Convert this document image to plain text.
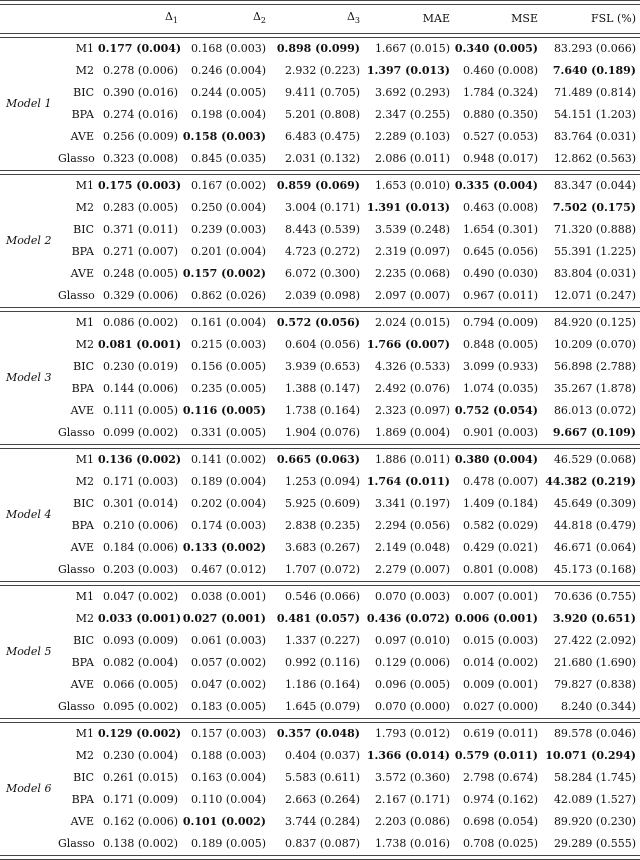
		$\Delta_1$	$\Delta_2$	$\Delta_3$	MAE	MSE	FSL (%)

Model 1	M1	0.177 (0.004)	0.168 (0.003)	0.898 (0.099)	1.667 (0.015)	0.340 (0.005)	83.293 (0.066)
	M2	0.278 (0.006)	0.246 (0.004)	2.932 (0.223)	1.397 (0.013)	0.460 (0.008)	7.640 (0.189)
	BIC	0.390 (0.016)	0.244 (0.005)	9.411 (0.705)	3.692 (0.293)	1.784 (0.324)	71.489 (0.814)
	BPA	0.274 (0.016)	0.198 (0.004)	5.201 (0.808)	2.347 (0.255)	0.880 (0.350)	54.151 (1.203)
	AVE	0.256 (0.009)	0.158 (0.003)	6.483 (0.475)	2.289 (0.103)	0.527 (0.053)	83.764 (0.031)
	Glasso	0.323 (0.008)	0.845 (0.035)	2.031 (0.132)	2.086 (0.011)	0.948 (0.017)	12.862 (0.563)

Model 2	M1	0.175 (0.003)	0.167 (0.002)	0.859 (0.069)	1.653 (0.010)	0.335 (0.004)	83.347 (0.044)
	M2	0.283 (0.005)	0.250 (0.004)	3.004 (0.171)	1.391 (0.013)	0.463 (0.008)	7.502 (0.175)
	BIC	0.371 (0.011)	0.239 (0.003)	8.443 (0.539)	3.539 (0.248)	1.654 (0.301)	71.320 (0.888)
	BPA	0.271 (0.007)	0.201 (0.004)	4.723 (0.272)	2.319 (0.097)	0.645 (0.056)	55.391 (1.225)
	AVE	0.248 (0.005)	0.157 (0.002)	6.072 (0.300)	2.235 (0.068)	0.490 (0.030)	83.804 (0.031)
	Glasso	0.329 (0.006)	0.862 (0.026)	2.039 (0.098)	2.097 (0.007)	0.967 (0.011)	12.071 (0.247)

Model 3	M1	0.086 (0.002)	0.161 (0.004)	0.572 (0.056)	2.024 (0.015)	0.794 (0.009)	84.920 (0.125)
	M2	0.081 (0.001)	0.215 (0.003)	0.604 (0.056)	1.766 (0.007)	0.848 (0.005)	10.209 (0.070)
	BIC	0.230 (0.019)	0.156 (0.005)	3.939 (0.653)	4.326 (0.533)	3.099 (0.933)	56.898 (2.788)
	BPA	0.144 (0.006)	0.235 (0.005)	1.388 (0.147)	2.492 (0.076)	1.074 (0.035)	35.267 (1.878)
	AVE	0.111 (0.005)	0.116 (0.005)	1.738 (0.164)	2.323 (0.097)	0.752 (0.054)	86.013 (0.072)
	Glasso	0.099 (0.002)	0.331 (0.005)	1.904 (0.076)	1.869 (0.004)	0.901 (0.003)	9.667 (0.109)

Model 4	M1	0.136 (0.002)	0.141 (0.002)	0.665 (0.063)	1.886 (0.011)	0.380 (0.004)	46.529 (0.068)
	M2	0.171 (0.003)	0.189 (0.004)	1.253 (0.094)	1.764 (0.011)	0.478 (0.007)	44.382 (0.219)
	BIC	0.301 (0.014)	0.202 (0.004)	5.925 (0.609)	3.341 (0.197)	1.409 (0.184)	45.649 (0.309)
	BPA	0.210 (0.006)	0.174 (0.003)	2.838 (0.235)	2.294 (0.056)	0.582 (0.029)	44.818 (0.479)
	AVE	0.184 (0.006)	0.133 (0.002)	3.683 (0.267)	2.149 (0.048)	0.429 (0.021)	46.671 (0.064)
	Glasso	0.203 (0.003)	0.467 (0.012)	1.707 (0.072)	2.279 (0.007)	0.801 (0.008)	45.173 (0.168)

Model 5	M1	0.047 (0.002)	0.038 (0.001)	0.546 (0.066)	0.070 (0.003)	0.007 (0.001)	70.636 (0.755)
	M2	0.033 (0.001)	0.027 (0.001)	0.481 (0.057)	0.436 (0.072)	0.006 (0.001)	3.920 (0.651)
	BIC	0.093 (0.009)	0.061 (0.003)	1.337 (0.227)	0.097 (0.010)	0.015 (0.003)	27.422 (2.092)
	BPA	0.082 (0.004)	0.057 (0.002)	0.992 (0.116)	0.129 (0.006)	0.014 (0.002)	21.680 (1.690)
	AVE	0.066 (0.005)	0.047 (0.002)	1.186 (0.164)	0.096 (0.005)	0.009 (0.001)	79.827 (0.838)
	Glasso	0.095 (0.002)	0.183 (0.005)	1.645 (0.079)	0.070 (0.000)	0.027 (0.000)	8.240 (0.344)

Model 6	M1	0.129 (0.002)	0.157 (0.003)	0.357 (0.048)	1.793 (0.012)	0.619 (0.011)	89.578 (0.046)
	M2	0.230 (0.004)	0.188 (0.003)	0.404 (0.037)	1.366 (0.014)	0.579 (0.011)	10.071 (0.294)
	BIC	0.261 (0.015)	0.163 (0.004)	5.583 (0.611)	3.572 (0.360)	2.798 (0.674)	58.284 (1.745)
	BPA	0.171 (0.009)	0.110 (0.004)	2.663 (0.264)	2.167 (0.171)	0.974 (0.162)	42.089 (1.527)
	AVE	0.162 (0.006)	0.101 (0.002)	3.744 (0.284)	2.203 (0.086)	0.698 (0.054)	89.920 (0.230)
	Glasso	0.138 (0.002)	0.189 (0.005)	0.837 (0.087)	1.738 (0.016)	0.708 (0.025)	29.289 (0.555)
